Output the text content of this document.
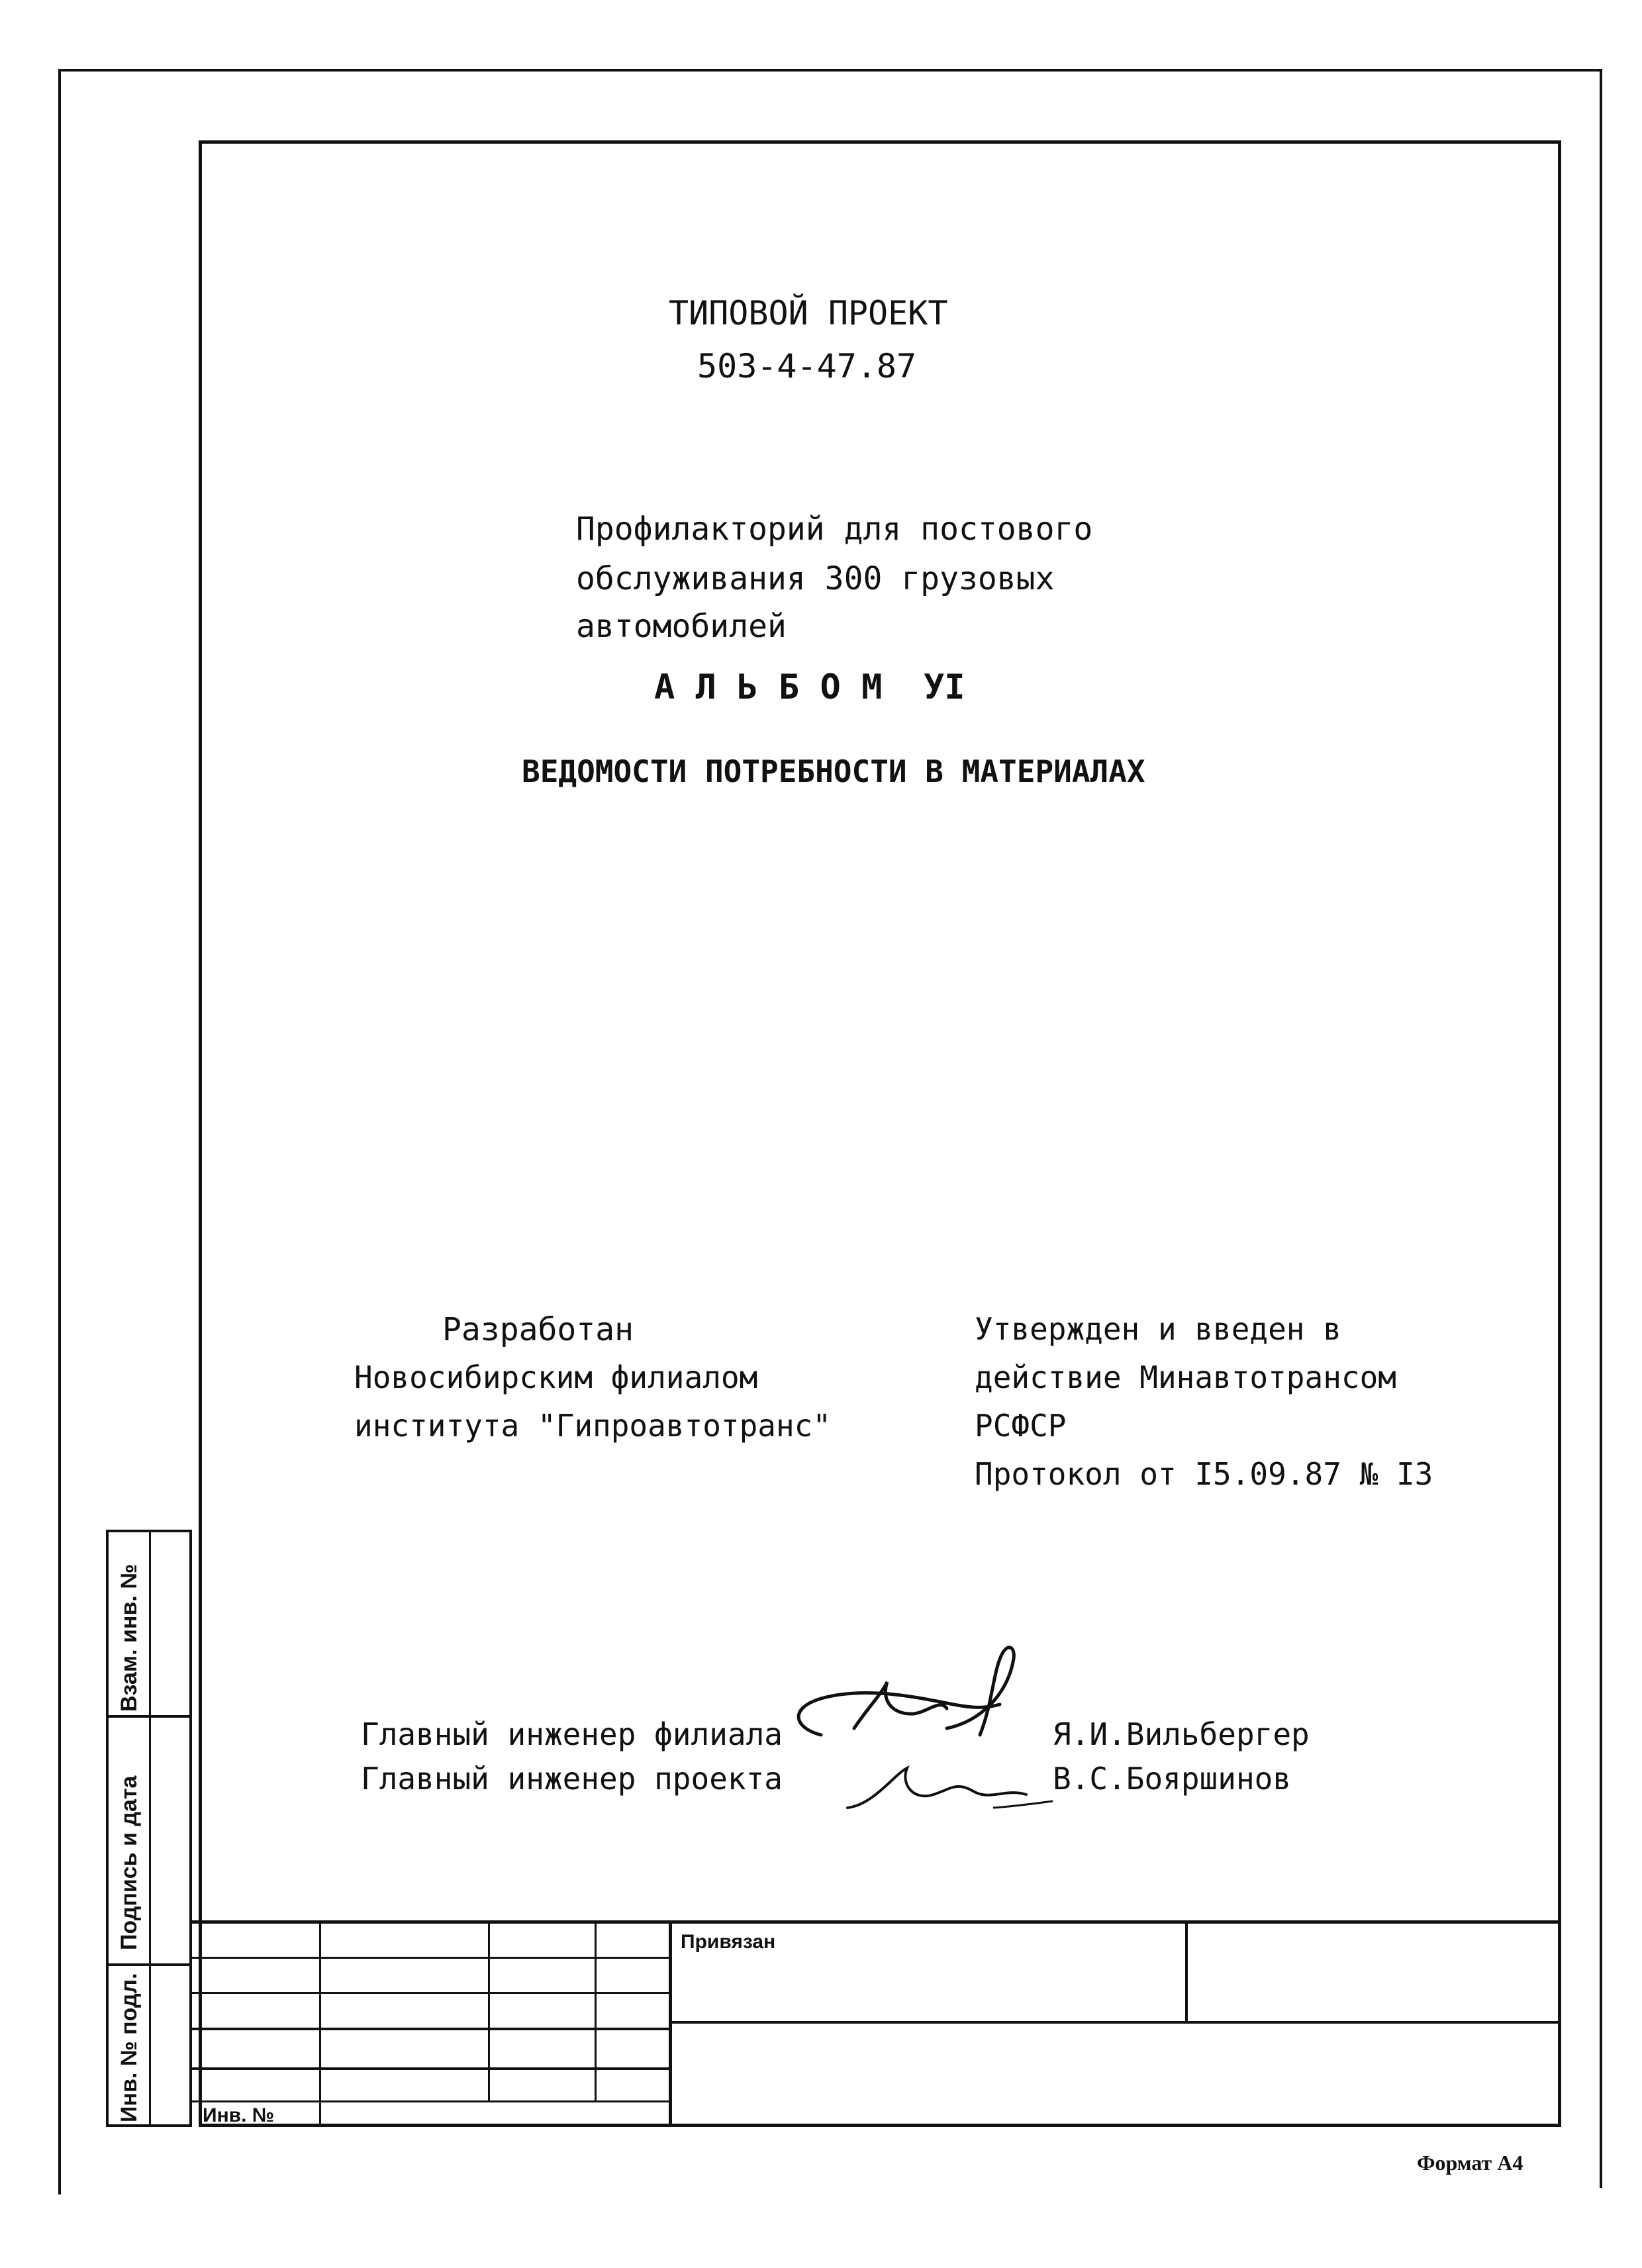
ТИПОВОЙ ПРОЕКТ
503-4-47.87
Профилакторий для постового
обслуживания 300 грузовых
автомобилей
А Л Ь Б О М  УI
ВЕДОМОСТИ ПОТРЕБНОСТИ В МАТЕРИАЛАХ
Разработан
Новосибирским филиалом
института "Гипроавтотранс"
Утвержден и введен в
действие Минавтотрансом
РСФСР
Протокол от I5.09.87 № I3
Главный инженер филиала	Я.И.Вильбергер
Главный инженер проекта	В.С.Бояршинов
Взам. инв. №
Подпись и дата
Инв. № подл.
Привязан
Инв. №
Формат А4
